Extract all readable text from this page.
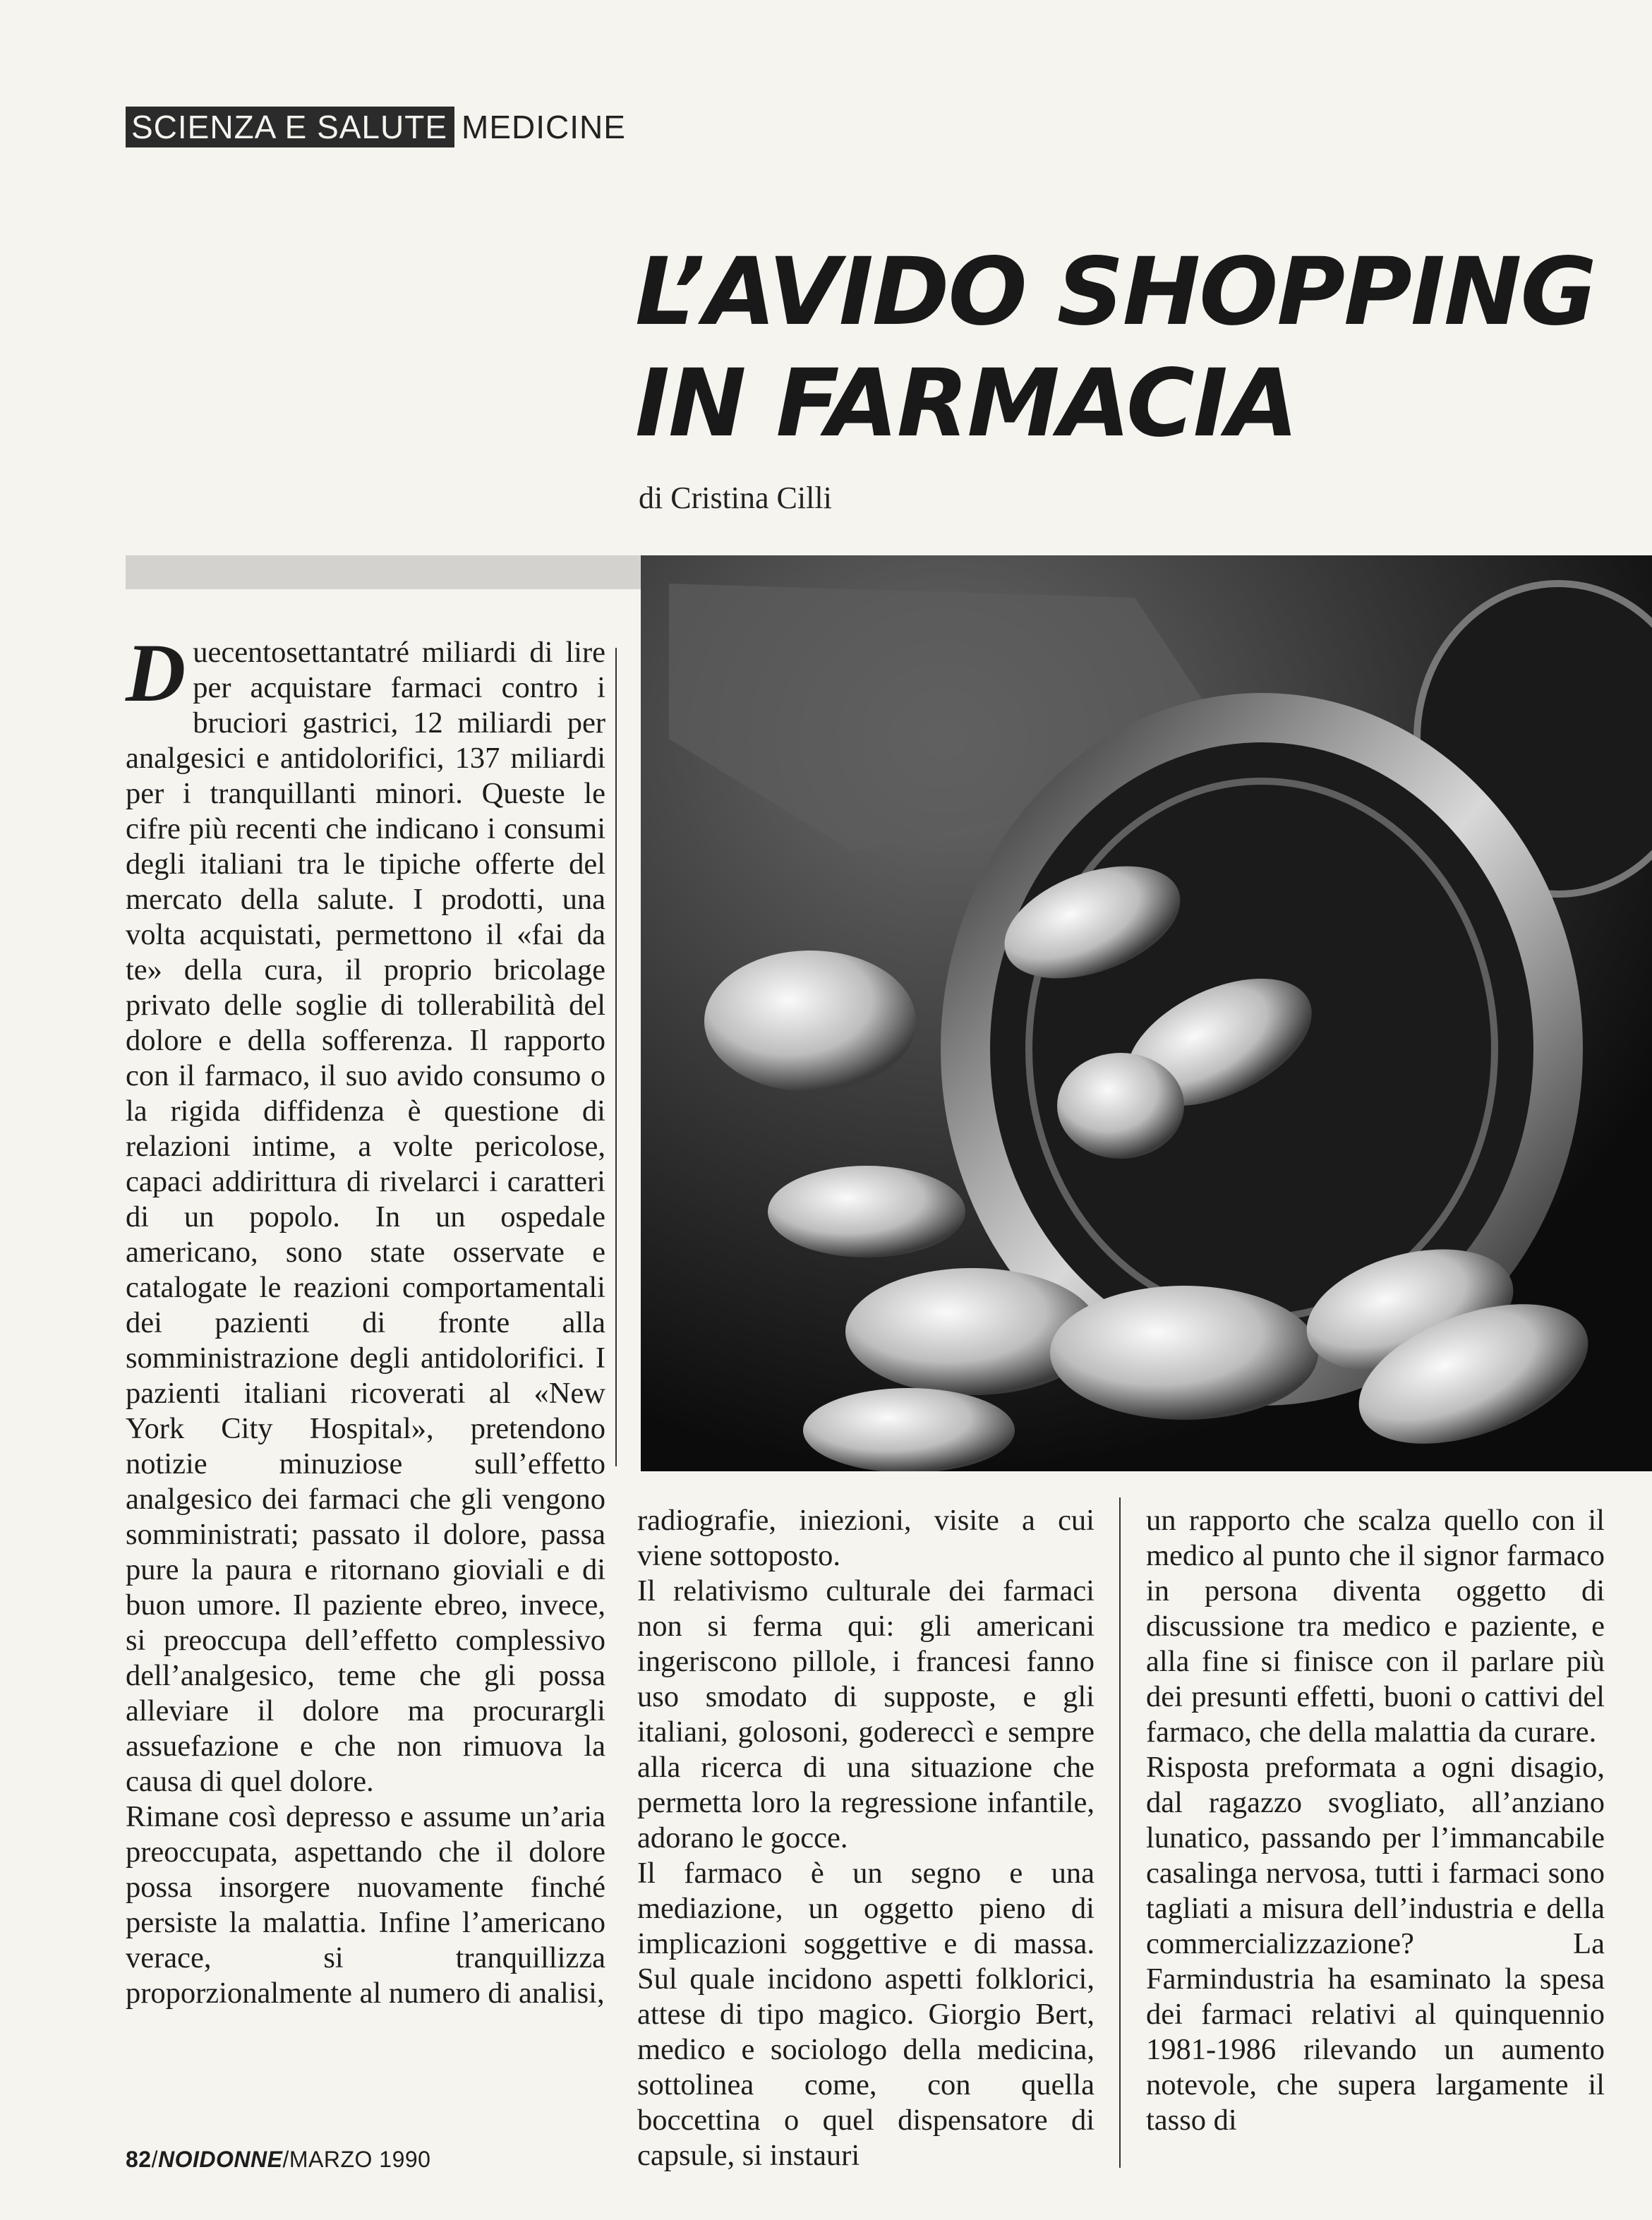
SCIENZA E SALUTE MEDICINE
L’AVIDO SHOPPING
IN FARMACIA
di Cristina Cilli

D uecentosettantatré miliardi di lire per acquistare farmaci contro i bruciori gastrici, 12 miliardi per analgesici e antidolorifici, 137 miliardi per i tranquillanti minori. Queste le cifre più recenti che indicano i consumi degli italiani tra le tipiche offerte del mercato della salute. I prodotti, una volta acquistati, permettono il «fai da te» della cura, il proprio bricolage privato delle soglie di tollerabilità del dolore e della sofferenza. Il rapporto con il farmaco, il suo avido consumo o la rigida diffidenza è questione di relazioni intime, a volte pericolose, capaci addirittura di rivelarci i caratteri di un popolo. In un ospedale americano, sono state osservate e catalogate le reazioni comportamentali dei pazienti di fronte alla somministrazione degli antidolorifici. I pazienti italiani ricoverati al «New York City Hospital», pretendono notizie minuziose sull’effetto analgesico dei farmaci che gli vengono somministrati; passato il dolore, passa pure la paura e ritornano gioviali e di buon umore. Il paziente ebreo, invece, si preoccupa dell’effetto complessivo dell’analgesico, teme che gli possa alleviare il dolore ma procurargli assuefazione e che non rimuova la causa di quel dolore.

Rimane così depresso e assume un’aria preoccupata, aspettando che il dolore possa insorgere nuovamente finché persiste la malattia. Infine l’americano verace, si tranquillizza proporzionalmente al numero di analisi,

radiografie, iniezioni, visite a cui viene sottoposto.

Il relativismo culturale dei farmaci non si ferma qui: gli americani ingeriscono pillole, i francesi fanno uso smodato di supposte, e gli italiani, golosoni, godereccì e sempre alla ricerca di una situazione che permetta loro la regressione infantile, adorano le gocce.

Il farmaco è un segno e una mediazione, un oggetto pieno di implicazioni soggettive e di massa. Sul quale incidono aspetti folklorici, attese di tipo magico. Giorgio Bert, medico e sociologo della medicina, sottolinea come, con quella boccettina o quel dispensatore di capsule, si instauri

un rapporto che scalza quello con il medico al punto che il signor farmaco in persona diventa oggetto di discussione tra medico e paziente, e alla fine si finisce con il parlare più dei presunti effetti, buoni o cattivi del farmaco, che della malattia da curare.

Risposta preformata a ogni disagio, dal ragazzo svogliato, all’anziano lunatico, passando per l’immancabile casalinga nervosa, tutti i farmaci sono tagliati a misura dell’industria e della commercializzazione? La Farmindustria ha esaminato la spesa dei farmaci relativi al quinquennio 1981-1986 rilevando un aumento notevole, che supera largamente il tasso di

82/NOIDONNE/MARZO 1990
